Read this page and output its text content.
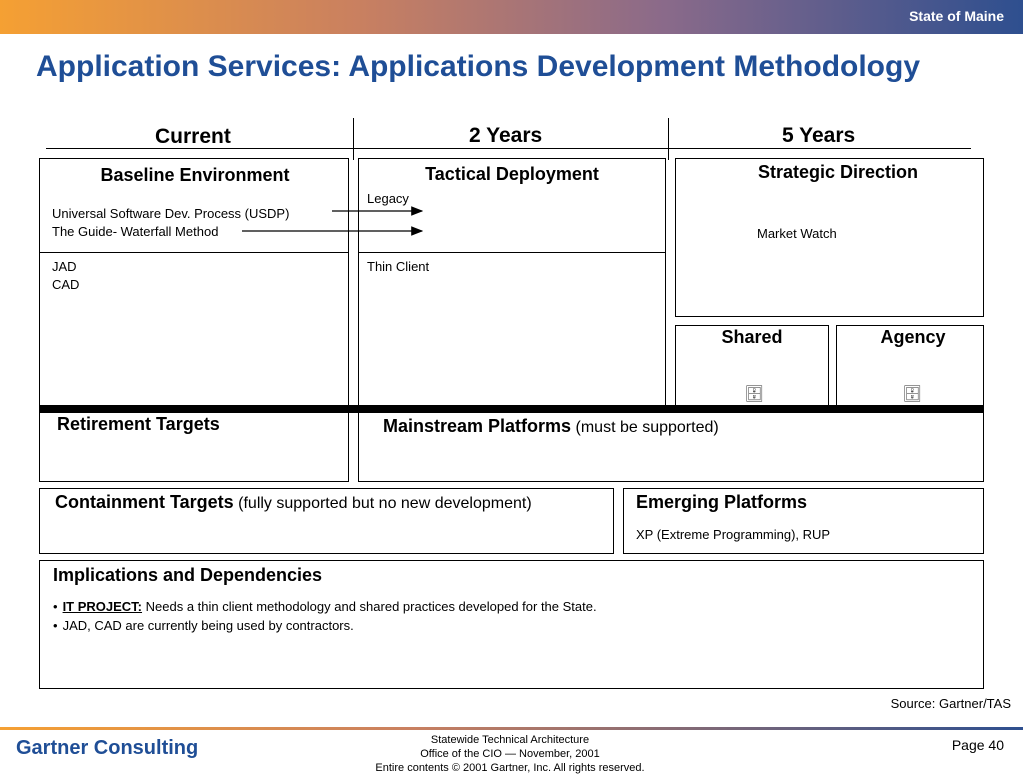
State of Maine
Application Services: Applications Development Methodology
Current	2 Years	5 Years
Baseline Environment
Universal Software Dev. Process (USDP)
The Guide- Waterfall Method
JAD
CAD
Tactical Deployment
Legacy
Thin Client
Strategic Direction
Market Watch
Shared
🗄
Agency
🗄
Retirement Targets	Mainstream Platforms (must be supported)
Containment Targets (fully supported but no new development)	Emerging Platforms
XP (Extreme Programming), RUP
Implications and Dependencies
• IT PROJECT: Needs a thin client methodology and shared practices developed for the State.
• JAD, CAD are currently being used by contractors.
Source: Gartner/TAS
Gartner Consulting	Statewide Technical Architecture
Office of the CIO — November, 2001
Entire contents © 2001 Gartner, Inc. All rights reserved.
Page 40
